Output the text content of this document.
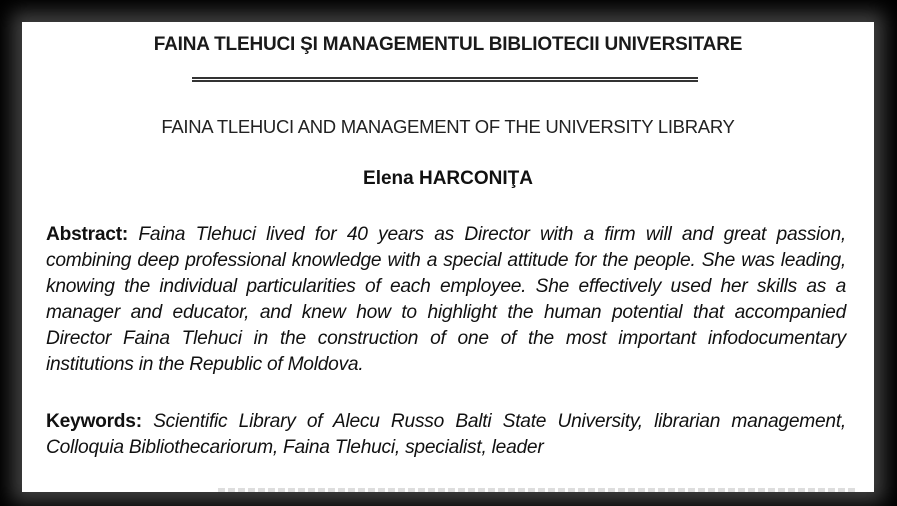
FAINA TLEHUCI ŞI MANAGEMENTUL BIBLIOTECII UNIVERSITARE
FAINA TLEHUCI AND MANAGEMENT OF THE UNIVERSITY LIBRARY
Elena HARCONIŢA
Abstract: Faina Tlehuci lived for 40 years as Director with a firm will and great passion, combining deep professional knowledge with a special attitude for the people. She was leading, knowing the individual particularities of each employee. She effectively used her skills as a manager and educator, and knew how to highlight the human potential that accompanied Director Faina Tlehuci in the construction of one of the most important infodocumentary institutions in the Republic of Moldova.
Keywords: Scientific Library of Alecu Russo Balti State University, librarian management, Colloquia Bibliothecariorum, Faina Tlehuci, specialist, leader
